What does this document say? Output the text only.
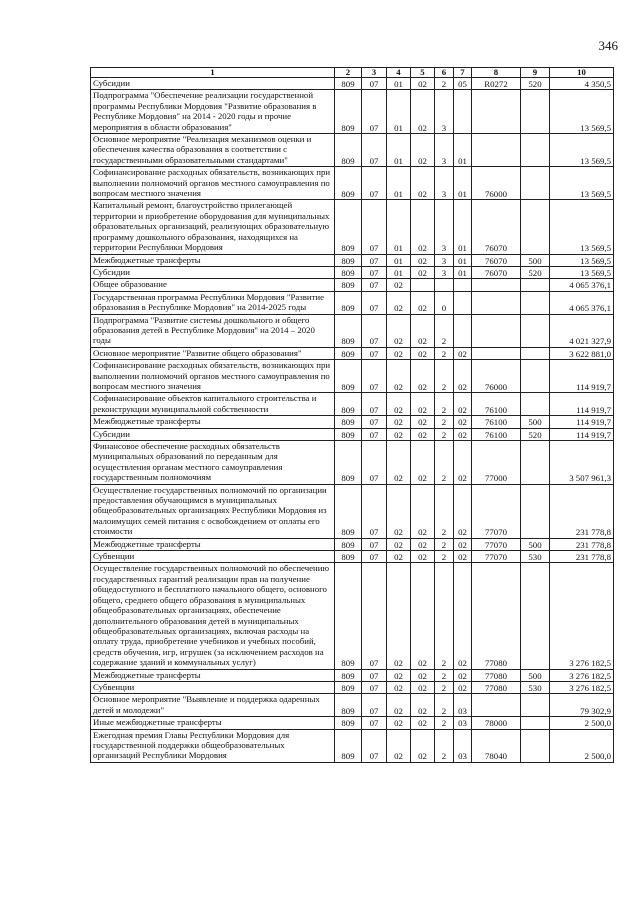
346
1	2	3	4	5	6	7	8	9	10
Субсидии	809	07	01	02	2	05	R0272	520	4 350,5
Подпрограмма "Обеспечение реализации государственной программы Республики Мордовия "Развитие образования в Республике Мордовия" на 2014 - 2020 годы и прочие мероприятия в области образования"	809	07	01	02	3				13 569,5
Основное мероприятие "Реализация механизмов оценки и обеспечения качества образования в соответствии с государственными образовательными стандартами"	809	07	01	02	3	01			13 569,5
Софинансирование расходных обязательств, возникающих при выполнении полномочий органов местного самоуправления по вопросам местного значения	809	07	01	02	3	01	76000		13 569,5
Капитальный ремонт, благоустройство прилегающей территории и приобретение оборудования для муниципальных образовательных организаций, реализующих образовательную программу дошкольного образования, находящихся на территории Республики Мордовия	809	07	01	02	3	01	76070		13 569,5
Межбюджетные трансферты	809	07	01	02	3	01	76070	500	13 569,5
Субсидии	809	07	01	02	3	01	76070	520	13 569,5
Общее образование	809	07	02						4 065 376,1
Государственная программа Республики Мордовия "Развитие образования в Республике Мордовия" на 2014-2025 годы	809	07	02	02	0				4 065 376,1
Подпрограмма "Развитие системы дошкольного и общего образования детей в Республике Мордовия" на 2014 – 2020 годы	809	07	02	02	2				4 021 327,9
Основное мероприятие "Развитие общего образования"	809	07	02	02	2	02			3 622 881,0
Софинансирование расходных обязательств, возникающих при выполнении полномочий органов местного самоуправления по вопросам местного значения	809	07	02	02	2	02	76000		114 919,7
Софинансирование объектов капитального строительства и реконструкции муниципальной собственности	809	07	02	02	2	02	76100		114 919,7
Межбюджетные трансферты	809	07	02	02	2	02	76100	500	114 919,7
Субсидии	809	07	02	02	2	02	76100	520	114 919,7
Финансовое обеспечение расходных обязательств муниципальных образований по переданным для осуществления органам местного самоуправления государственным полномочиям	809	07	02	02	2	02	77000		3 507 961,3
Осуществление государственных полномочий по организации предоставления обучающимся в муниципальных общеобразовательных организациях Республики Мордовия из малоимущих семей питания с освобождением от оплаты его стоимости	809	07	02	02	2	02	77070		231 778,8
Межбюджетные трансферты	809	07	02	02	2	02	77070	500	231 778,8
Субвенции	809	07	02	02	2	02	77070	530	231 778,8
Осуществление государственных полномочий по обеспечению государственных гарантий реализации прав на получение общедоступного и бесплатного начального общего, основного общего, среднего общего образования в муниципальных общеобразовательных организациях, обеспечение дополнительного образования детей в муниципальных общеобразовательных организациях, включая расходы на оплату труда, приобретение учебников и учебных пособий, средств обучения, игр, игрушек (за исключением расходов на содержание зданий и коммунальных услуг)	809	07	02	02	2	02	77080		3 276 182,5
Межбюджетные трансферты	809	07	02	02	2	02	77080	500	3 276 182,5
Субвенции	809	07	02	02	2	02	77080	530	3 276 182,5
Основное мероприятие "Выявление и поддержка одаренных детей и молодежи"	809	07	02	02	2	03			79 302,9
Иные межбюджетные трансферты	809	07	02	02	2	03	78000		2 500,0
Ежегодная премия Главы Республики Мордовия для государственной поддержки общеобразовательных организаций Республики Мордовия	809	07	02	02	2	03	78040		2 500,0
